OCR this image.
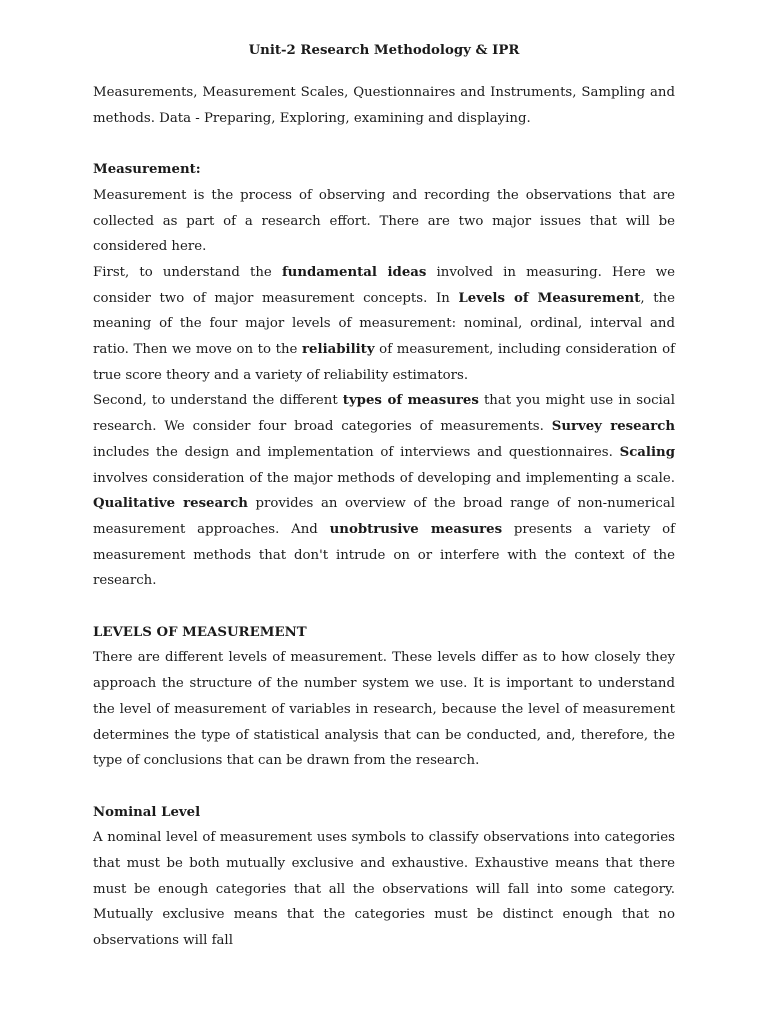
Unit-2 Research Methodology & IPR

Measurements, Measurement Scales, Questionnaires and Instruments, Sampling and methods. Data - Preparing, Exploring, examining and displaying.

Measurement:

Measurement is the process of observing and recording the observations that are collected as part of a research effort. There are two major issues that will be considered here.

First, to understand the fundamental ideas involved in measuring. Here we consider two of major measurement concepts. In Levels of Measurement, the meaning of the four major levels of measurement: nominal, ordinal, interval and ratio. Then we move on to the reliability of measurement, including consideration of true score theory and a variety of reliability estimators.

Second, to understand the different types of measures that you might use in social research. We consider four broad categories of measurements. Survey research includes the design and implementation of interviews and questionnaires. Scaling involves consideration of the major methods of developing and implementing a scale. Qualitative research provides an overview of the broad range of non-numerical measurement approaches. And unobtrusive measures presents a variety of measurement methods that don't intrude on or interfere with the context of the research.

LEVELS OF MEASUREMENT

There are different levels of measurement. These levels differ as to how closely they approach the structure of the number system we use. It is important to understand the level of measurement of variables in research, because the level of measurement determines the type of statistical analysis that can be conducted, and, therefore, the type of conclusions that can be drawn from the research.

Nominal Level

A nominal level of measurement uses symbols to classify observations into categories that must be both mutually exclusive and exhaustive. Exhaustive means that there must be enough categories that all the observations will fall into some category. Mutually exclusive means that the categories must be distinct enough that no observations will fall
